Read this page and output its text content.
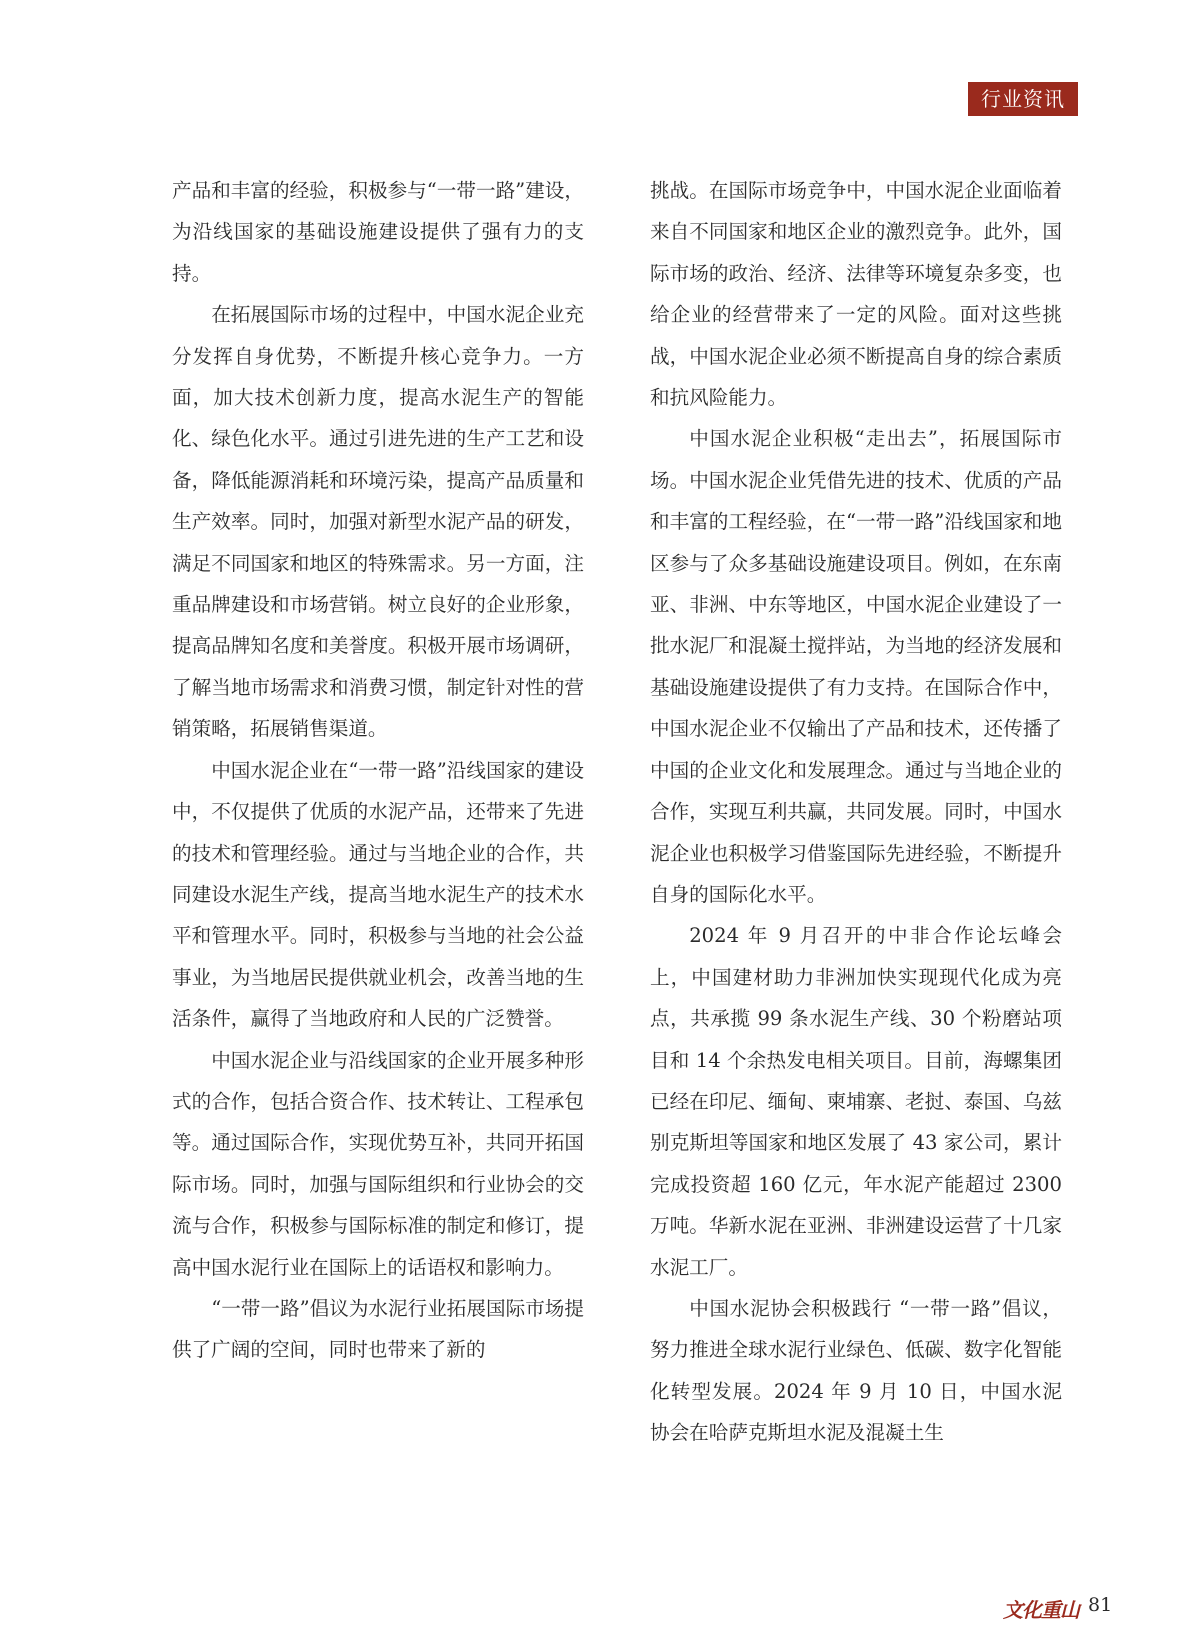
行业资讯

产品和丰富的经验，积极参与“一带一路”建设，为沿线国家的基础设施建设提供了强有力的支持。

在拓展国际市场的过程中，中国水泥企业充分发挥自身优势，不断提升核心竞争力。一方面，加大技术创新力度，提高水泥生产的智能化、绿色化水平。通过引进先进的生产工艺和设备，降低能源消耗和环境污染，提高产品质量和生产效率。同时，加强对新型水泥产品的研发，满足不同国家和地区的特殊需求。另一方面，注重品牌建设和市场营销。树立良好的企业形象，提高品牌知名度和美誉度。积极开展市场调研，了解当地市场需求和消费习惯，制定针对性的营销策略，拓展销售渠道。

中国水泥企业在“一带一路”沿线国家的建设中，不仅提供了优质的水泥产品，还带来了先进的技术和管理经验。通过与当地企业的合作，共同建设水泥生产线，提高当地水泥生产的技术水平和管理水平。同时，积极参与当地的社会公益事业，为当地居民提供就业机会，改善当地的生活条件，赢得了当地政府和人民的广泛赞誉。

中国水泥企业与沿线国家的企业开展多种形式的合作，包括合资合作、技术转让、工程承包等。通过国际合作，实现优势互补，共同开拓国际市场。同时，加强与国际组织和行业协会的交流与合作，积极参与国际标准的制定和修订，提高中国水泥行业在国际上的话语权和影响力。

“一带一路”倡议为水泥行业拓展国际市场提供了广阔的空间，同时也带来了新的

挑战。在国际市场竞争中，中国水泥企业面临着来自不同国家和地区企业的激烈竞争。此外，国际市场的政治、经济、法律等环境复杂多变，也给企业的经营带来了一定的风险。面对这些挑战，中国水泥企业必须不断提高自身的综合素质和抗风险能力。

中国水泥企业积极“走出去”，拓展国际市场。中国水泥企业凭借先进的技术、优质的产品和丰富的工程经验，在“一带一路”沿线国家和地区参与了众多基础设施建设项目。例如，在东南亚、非洲、中东等地区，中国水泥企业建设了一批水泥厂和混凝土搅拌站，为当地的经济发展和基础设施建设提供了有力支持。在国际合作中，中国水泥企业不仅输出了产品和技术，还传播了中国的企业文化和发展理念。通过与当地企业的合作，实现互利共赢，共同发展。同时，中国水泥企业也积极学习借鉴国际先进经验，不断提升自身的国际化水平。

2024 年 9 月召开的中非合作论坛峰会上，中国建材助力非洲加快实现现代化成为亮点，共承揽 99 条水泥生产线、30 个粉磨站项目和 14 个余热发电相关项目。目前，海螺集团已经在印尼、缅甸、柬埔寨、老挝、泰国、乌兹别克斯坦等国家和地区发展了 43 家公司，累计完成投资超 160 亿元，年水泥产能超过 2300 万吨。华新水泥在亚洲、非洲建设运营了十几家水泥工厂。

中国水泥协会积极践行 “一带一路”倡议，努力推进全球水泥行业绿色、低碳、数字化智能化转型发展。2024 年 9 月 10 日，中国水泥协会在哈萨克斯坦水泥及混凝土生

文化重山 81
